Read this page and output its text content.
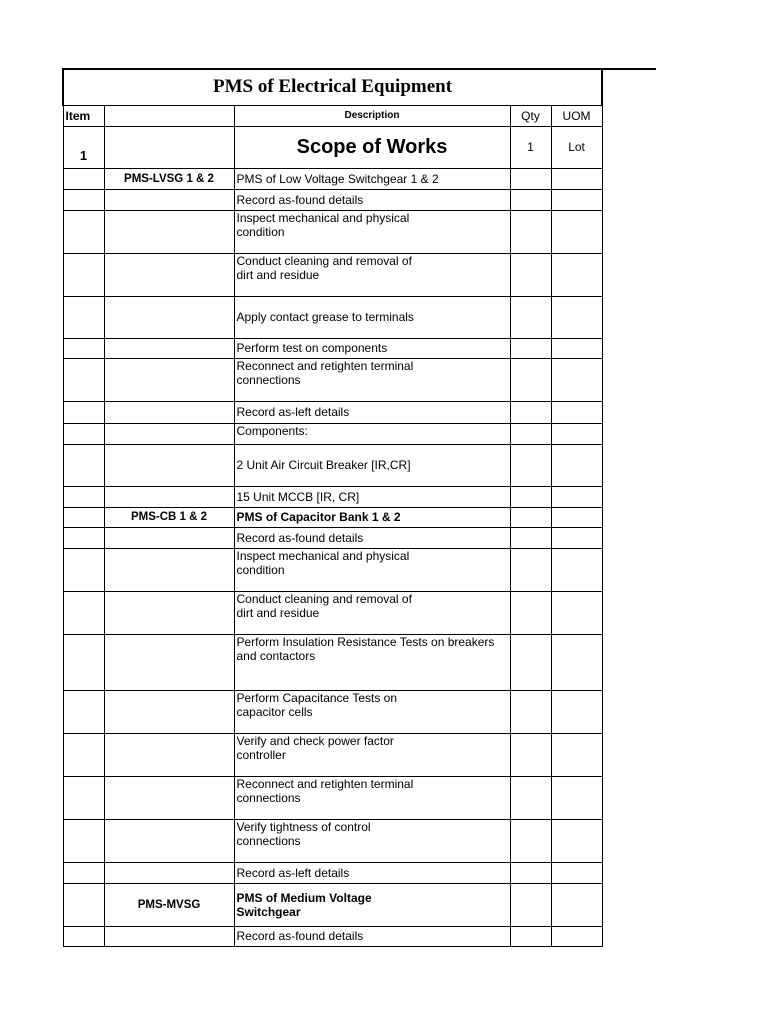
PMS of Electrical Equipment				
Item		Description	Qty	UOM
1		Scope of Works	1	Lot
	PMS-LVSG 1 & 2	PMS of Low Voltage Switchgear 1 & 2		
		Record as-found details		
		Inspect mechanical and physical
condition		
		Conduct cleaning and removal of
dirt and residue		
		Apply contact grease to terminals		
		Perform test on components		
		Reconnect and retighten terminal
connections		
		Record as-left details		
		Components:		
		2 Unit Air Circuit Breaker [IR,CR]		
		15 Unit MCCB [IR, CR]		
	PMS-CB 1 & 2	PMS of Capacitor Bank 1 & 2		
		Record as-found details		
		Inspect mechanical and physical
condition		
		Conduct cleaning and removal of
dirt and residue		
		Perform Insulation Resistance Tests on breakers
and contactors		
		Perform Capacitance Tests on
capacitor cells		
		Verify and check power factor
controller		
		Reconnect and retighten terminal
connections		
		Verify tightness of control
connections		
		Record as-left details		
	PMS-MVSG	PMS of Medium Voltage
Switchgear		
		Record as-found details		
